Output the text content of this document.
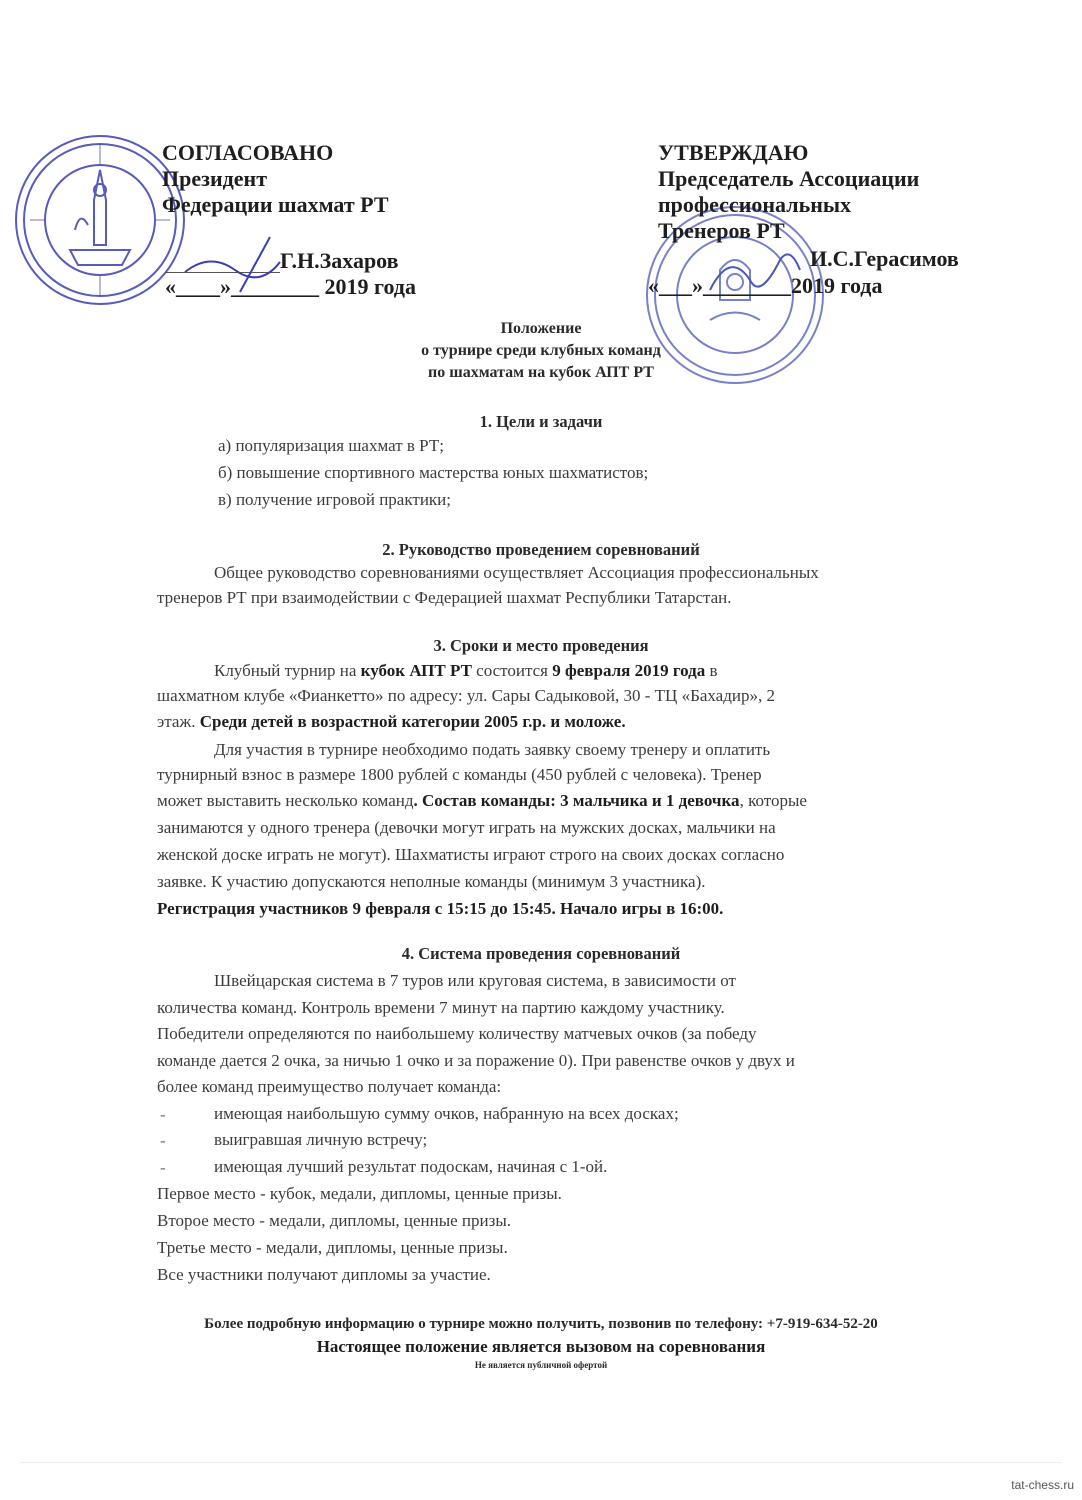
СОГЛАСОВАНО
Президент
Федерации шахмат РТ
Г.Н.Захаров
«____»________ 2019 года
УТВЕРЖДАЮ
Председатель Ассоциации
профессиональных
Тренеров РТ
И.С.Герасимов
«___»________2019 года
Положение
о турнире среди клубных команд
по шахматам на кубок АПТ РТ
1. Цели и задачи
а) популяризация шахмат в РТ;
б) повышение спортивного мастерства юных шахматистов;
в) получение игровой практики;
2. Руководство проведением соревнований
Общее руководство соревнованиями осуществляет Ассоциация профессиональных
тренеров РТ при взаимодействии с Федерацией шахмат Республики Татарстан.
3. Сроки и место проведения
Клубный турнир на кубок АПТ РТ состоится 9 февраля 2019 года в
шахматном клубе «Фианкетто» по адресу: ул. Сары Садыковой, 30 - ТЦ «Бахадир», 2
этаж. Среди детей в возрастной категории 2005 г.р. и моложе.
Для участия в турнире необходимо подать заявку своему тренеру и оплатить
турнирный взнос в размере 1800 рублей с команды (450 рублей с человека). Тренер
может выставить несколько команд. Состав команды: 3 мальчика и 1 девочка, которые
занимаются у одного тренера (девочки могут играть на мужских досках, мальчики на
женской доске играть не могут). Шахматисты играют строго на своих досках согласно
заявке. К участию допускаются неполные команды (минимум 3 участника).
Регистрация участников 9 февраля с 15:15 до 15:45. Начало игры в 16:00.
4. Система проведения соревнований
Швейцарская система в 7 туров или круговая система, в зависимости от
количества команд. Контроль времени 7 минут на партию каждому участнику.
Победители определяются по наибольшему количеству матчевых очков (за победу
команде дается 2 очка, за ничью 1 очко и за поражение 0). При равенстве очков у двух и
более команд преимущество получает команда:
-	имеющая наибольшую сумму очков, набранную на всех досках;
-	выигравшая личную встречу;
-	имеющая лучший результат подоскам, начиная с 1-ой.
Первое место - кубок, медали, дипломы, ценные призы.
Второе место - медали, дипломы, ценные призы.
Третье место - медали, дипломы, ценные призы.
Все участники получают дипломы за участие.
Более подробную информацию о турнире можно получить, позвонив по телефону: +7-919-634-52-20
Настоящее положение является вызовом на соревнования
Не является публичной офертой
tat-chess.ru
